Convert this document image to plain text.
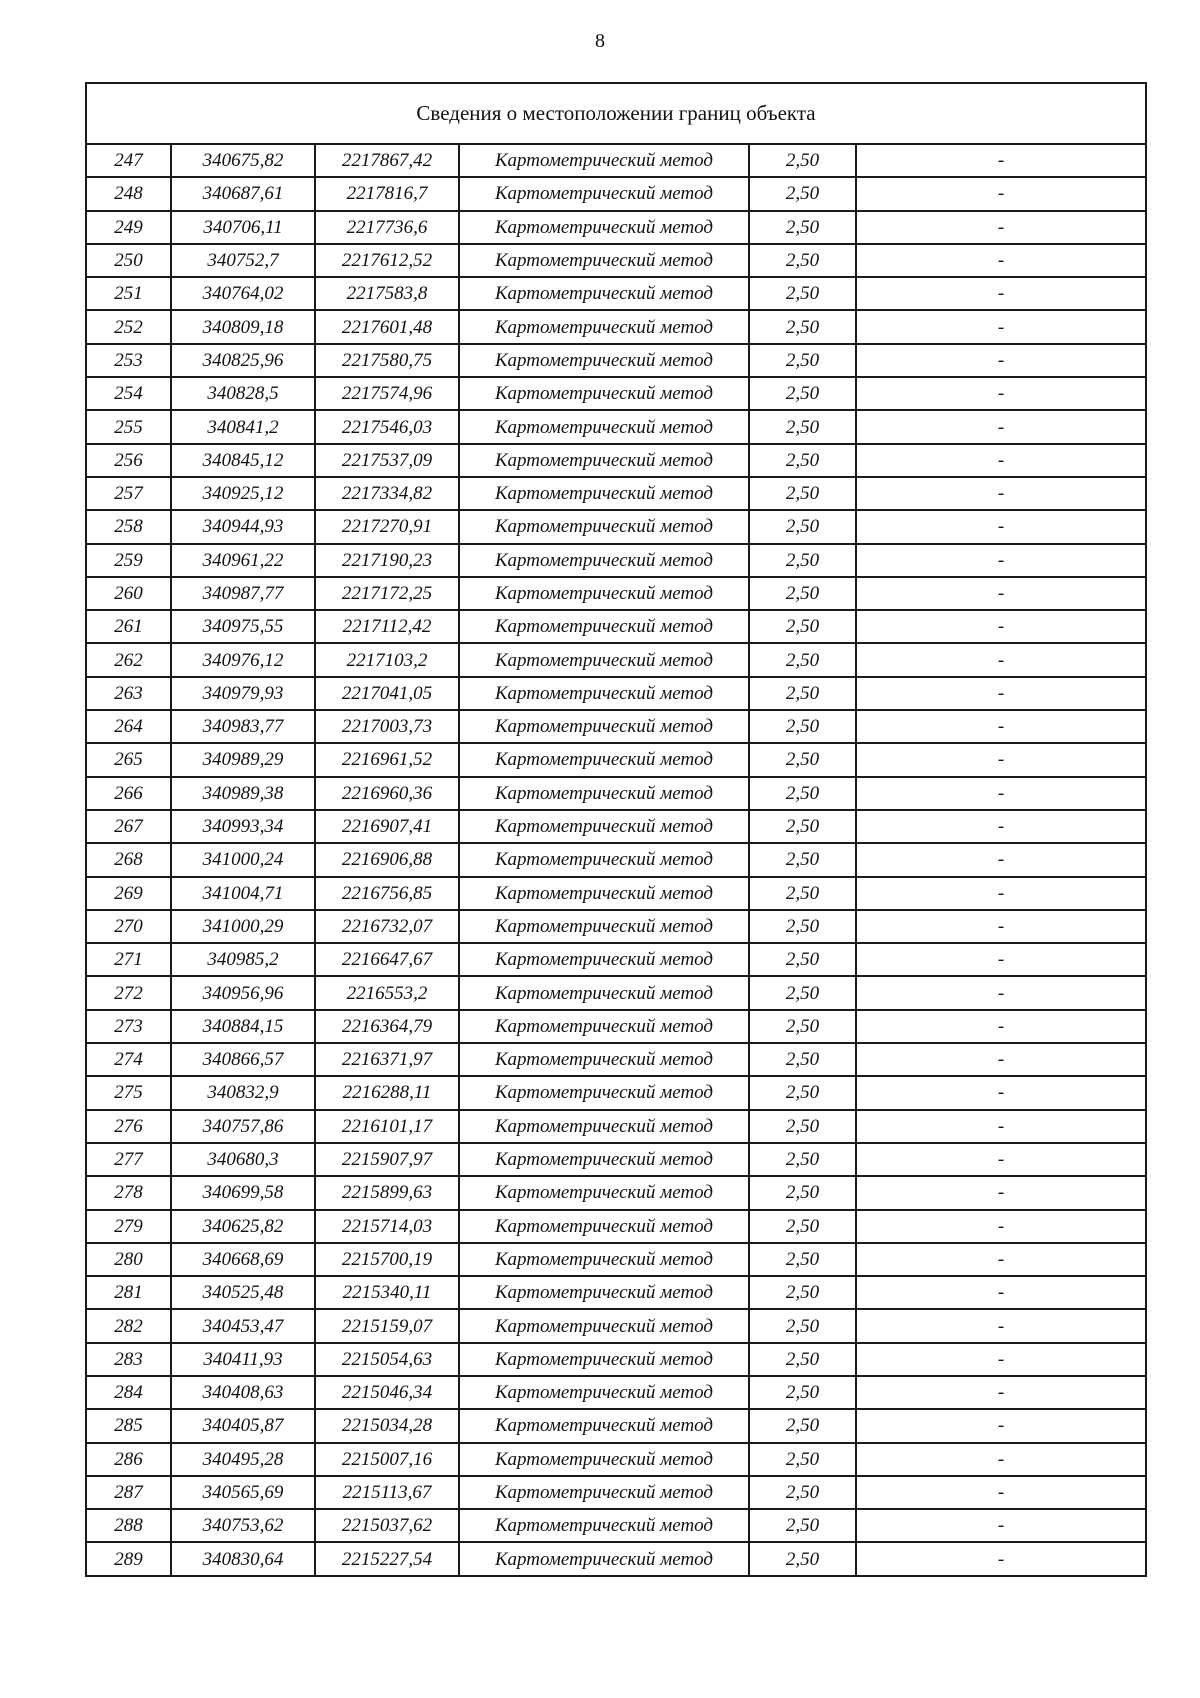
8
Сведения о местоположении границ объекта					
247	340675,82	2217867,42	Картометрический метод	2,50	-
248	340687,61	2217816,7	Картометрический метод	2,50	-
249	340706,11	2217736,6	Картометрический метод	2,50	-
250	340752,7	2217612,52	Картометрический метод	2,50	-
251	340764,02	2217583,8	Картометрический метод	2,50	-
252	340809,18	2217601,48	Картометрический метод	2,50	-
253	340825,96	2217580,75	Картометрический метод	2,50	-
254	340828,5	2217574,96	Картометрический метод	2,50	-
255	340841,2	2217546,03	Картометрический метод	2,50	-
256	340845,12	2217537,09	Картометрический метод	2,50	-
257	340925,12	2217334,82	Картометрический метод	2,50	-
258	340944,93	2217270,91	Картометрический метод	2,50	-
259	340961,22	2217190,23	Картометрический метод	2,50	-
260	340987,77	2217172,25	Картометрический метод	2,50	-
261	340975,55	2217112,42	Картометрический метод	2,50	-
262	340976,12	2217103,2	Картометрический метод	2,50	-
263	340979,93	2217041,05	Картометрический метод	2,50	-
264	340983,77	2217003,73	Картометрический метод	2,50	-
265	340989,29	2216961,52	Картометрический метод	2,50	-
266	340989,38	2216960,36	Картометрический метод	2,50	-
267	340993,34	2216907,41	Картометрический метод	2,50	-
268	341000,24	2216906,88	Картометрический метод	2,50	-
269	341004,71	2216756,85	Картометрический метод	2,50	-
270	341000,29	2216732,07	Картометрический метод	2,50	-
271	340985,2	2216647,67	Картометрический метод	2,50	-
272	340956,96	2216553,2	Картометрический метод	2,50	-
273	340884,15	2216364,79	Картометрический метод	2,50	-
274	340866,57	2216371,97	Картометрический метод	2,50	-
275	340832,9	2216288,11	Картометрический метод	2,50	-
276	340757,86	2216101,17	Картометрический метод	2,50	-
277	340680,3	2215907,97	Картометрический метод	2,50	-
278	340699,58	2215899,63	Картометрический метод	2,50	-
279	340625,82	2215714,03	Картометрический метод	2,50	-
280	340668,69	2215700,19	Картометрический метод	2,50	-
281	340525,48	2215340,11	Картометрический метод	2,50	-
282	340453,47	2215159,07	Картометрический метод	2,50	-
283	340411,93	2215054,63	Картометрический метод	2,50	-
284	340408,63	2215046,34	Картометрический метод	2,50	-
285	340405,87	2215034,28	Картометрический метод	2,50	-
286	340495,28	2215007,16	Картометрический метод	2,50	-
287	340565,69	2215113,67	Картометрический метод	2,50	-
288	340753,62	2215037,62	Картометрический метод	2,50	-
289	340830,64	2215227,54	Картометрический метод	2,50	-
